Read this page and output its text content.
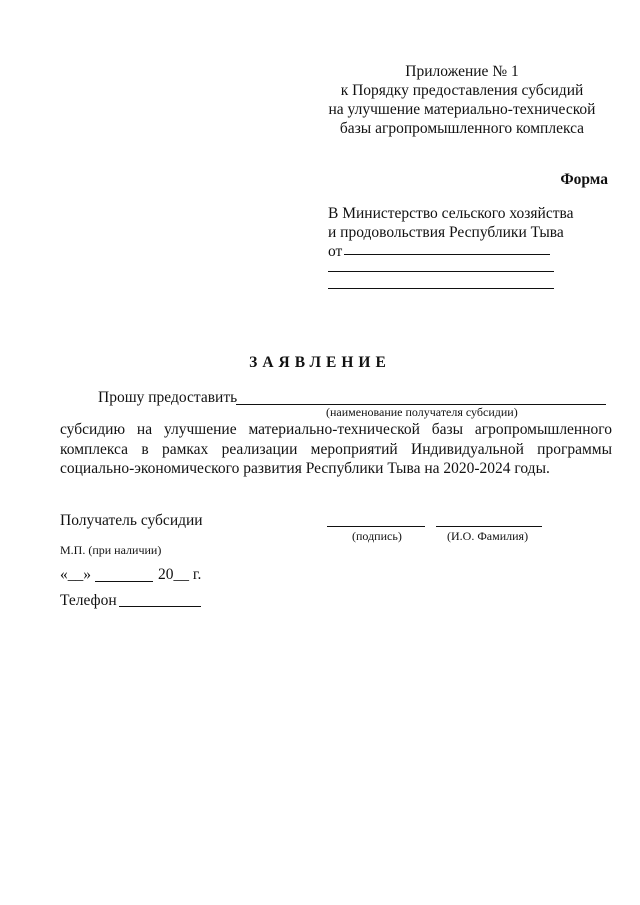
Приложение № 1
к Порядку предоставления субсидий
на улучшение материально-технической
базы агропромышленного комплекса
Форма
В Министерство сельского хозяйства
и продовольствия Республики Тыва
от
ЗАЯВЛЕНИЕ
Прошу предоставить
(наименование получателя субсидии)
субсидию на улучшение материально-технической базы агропромышленного комплекса в рамках реализации мероприятий Индивидуальной программы социально-экономического развития Республики Тыва на 2020-2024 годы.
Получатель субсидии
(подпись)	(И.О. Фамилия)
М.П. (при наличии)
«__»	20__ г.
Телефон
